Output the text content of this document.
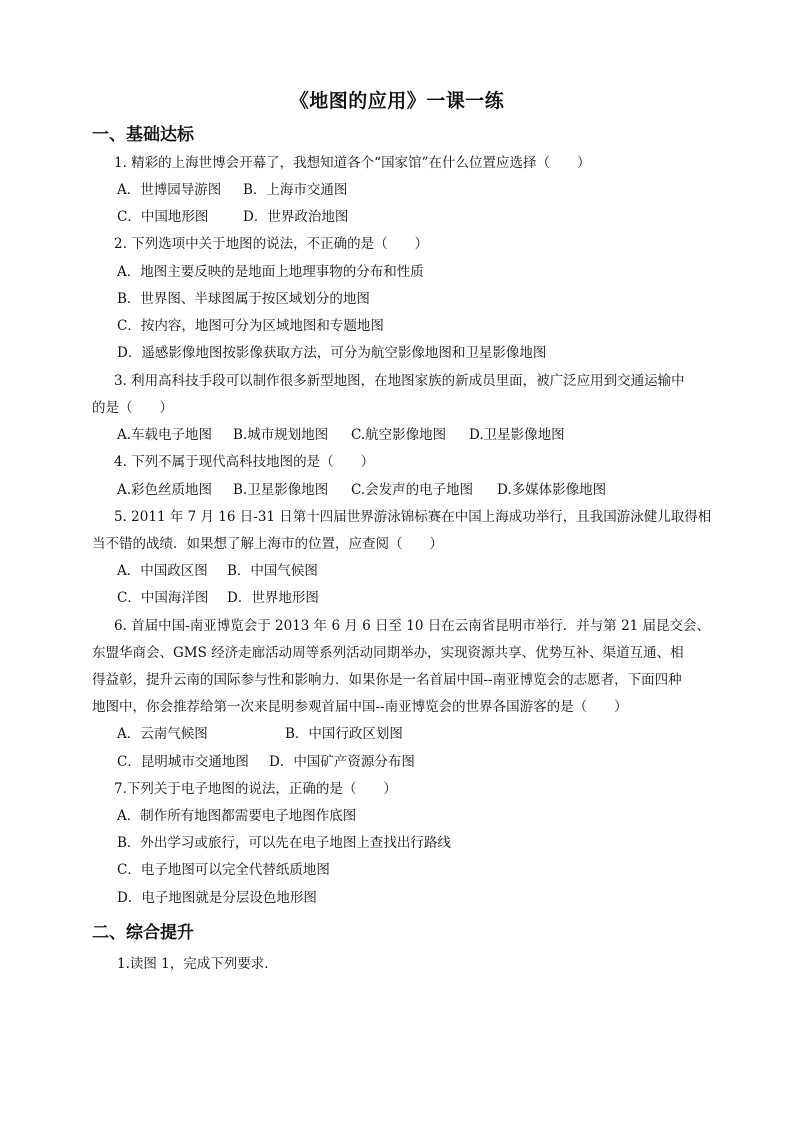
《地图的应用》一课一练
一、基础达标
1. 精彩的上海世博会开幕了，我想知道各个“国家馆”在什么位置应选择（　　）
A．世博园导游图 B．上海市交通图
C．中国地形图	D．世界政治地图
2. 下列选项中关于地图的说法，不正确的是（　　）
A．地图主要反映的是地面上地理事物的分布和性质
B．世界图、半球图属于按区域划分的地图
C．按内容，地图可分为区域地图和专题地图
D．遥感影像地图按影像获取方法，可分为航空影像地图和卫星影像地图
3. 利用高科技手段可以制作很多新型地图，在地图家族的新成员里面，被广泛应用到交通运输中
的是（　　）
A.车载电子地图 B.城市规划地图 C.航空影像地图 D.卫星影像地图
4. 下列不属于现代高科技地图的是（　　）
A.彩色丝质地图 B.卫星影像地图 C.会发声的电子地图 D.多媒体影像地图
5. 2011 年 7 月 16 日-31 日第十四届世界游泳锦标赛在中国上海成功举行，且我国游泳健儿取得相
当不错的战绩．如果想了解上海市的位置，应查阅（　　）
A．中国政区图 B．中国气候图
C．中国海洋图 D．世界地形图
6. 首届中国-南亚博览会于 2013 年 6 月 6 日至 10 日在云南省昆明市举行．并与第 21 届昆交会、
东盟华商会、GMS 经济走廊活动周等系列活动同期举办，实现资源共享、优势互补、渠道互通、相
得益彰，提升云南的国际参与性和影响力．如果你是一名首届中国--南亚博览会的志愿者，下面四种
地图中，你会推荐给第一次来昆明参观首届中国--南亚博览会的世界各国游客的是（　　）
A．云南气候图	B．中国行政区划图
C．昆明城市交通地图 D．中国矿产资源分布图
7.下列关于电子地图的说法，正确的是（　　）
A．制作所有地图都需要电子地图作底图
B．外出学习或旅行，可以先在电子地图上查找出行路线
C．电子地图可以完全代替纸质地图
D．电子地图就是分层设色地形图
二、综合提升
1.读图 1，完成下列要求．
